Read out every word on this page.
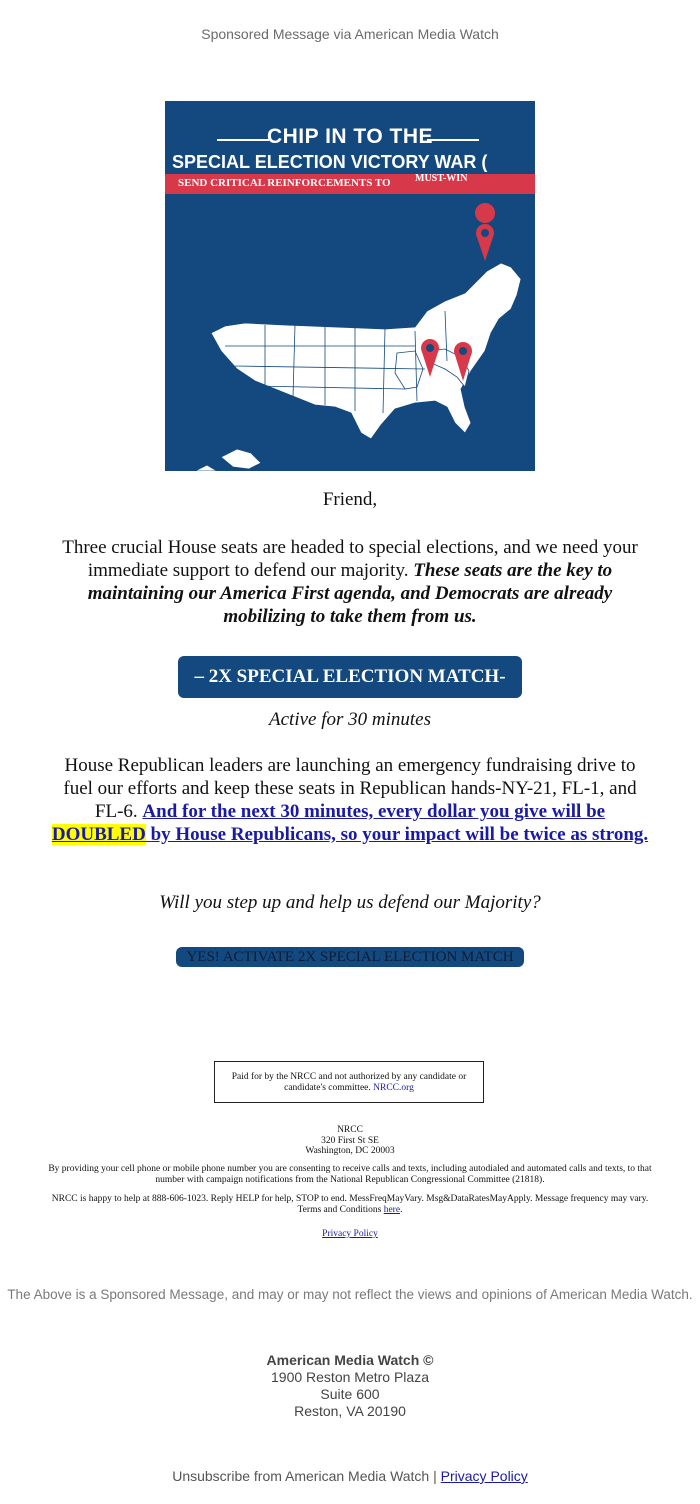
Sponsored Message via American Media Watch
CHIP IN TO THE
SPECIAL ELECTION VICTORY WAR (
SEND CRITICAL REINFORCEMENTS TO MUST-WIN
Friend,
Three crucial House seats are headed to special elections, and we need your immediate support to defend our majority. These seats are the key to maintaining our America First agenda, and Democrats are already mobilizing to take them from us.
– 2X SPECIAL ELECTION MATCH-
Active for 30 minutes
House Republican leaders are launching an emergency fundraising drive to fuel our efforts and keep these seats in Republican hands-NY-21, FL-1, and FL-6. And for the next 30 minutes, every dollar you give will be DOUBLED by House Republicans, so your impact will be twice as strong.
Will you step up and help us defend our Majority?
YES! ACTIVATE 2X SPECIAL ELECTION MATCH
Paid for by the NRCC and not authorized by any candidate or candidate's committee. NRCC.org
NRCC
320 First St SE
Washington, DC 20003
By providing your cell phone or mobile phone number you are consenting to receive calls and texts, including autodialed and automated calls and texts, to that number with campaign notifications from the National Republican Congressional Committee (21818).
NRCC is happy to help at 888-606-1023. Reply HELP for help, STOP to end. MessFreqMayVary. Msg&DataRatesMayApply. Message frequency may vary. Terms and Conditions here.
Privacy Policy
The Above is a Sponsored Message, and may or may not reflect the views and opinions of American Media Watch.
American Media Watch ©
1900 Reston Metro Plaza
Suite 600
Reston, VA 20190
Unsubscribe from American Media Watch | Privacy Policy
